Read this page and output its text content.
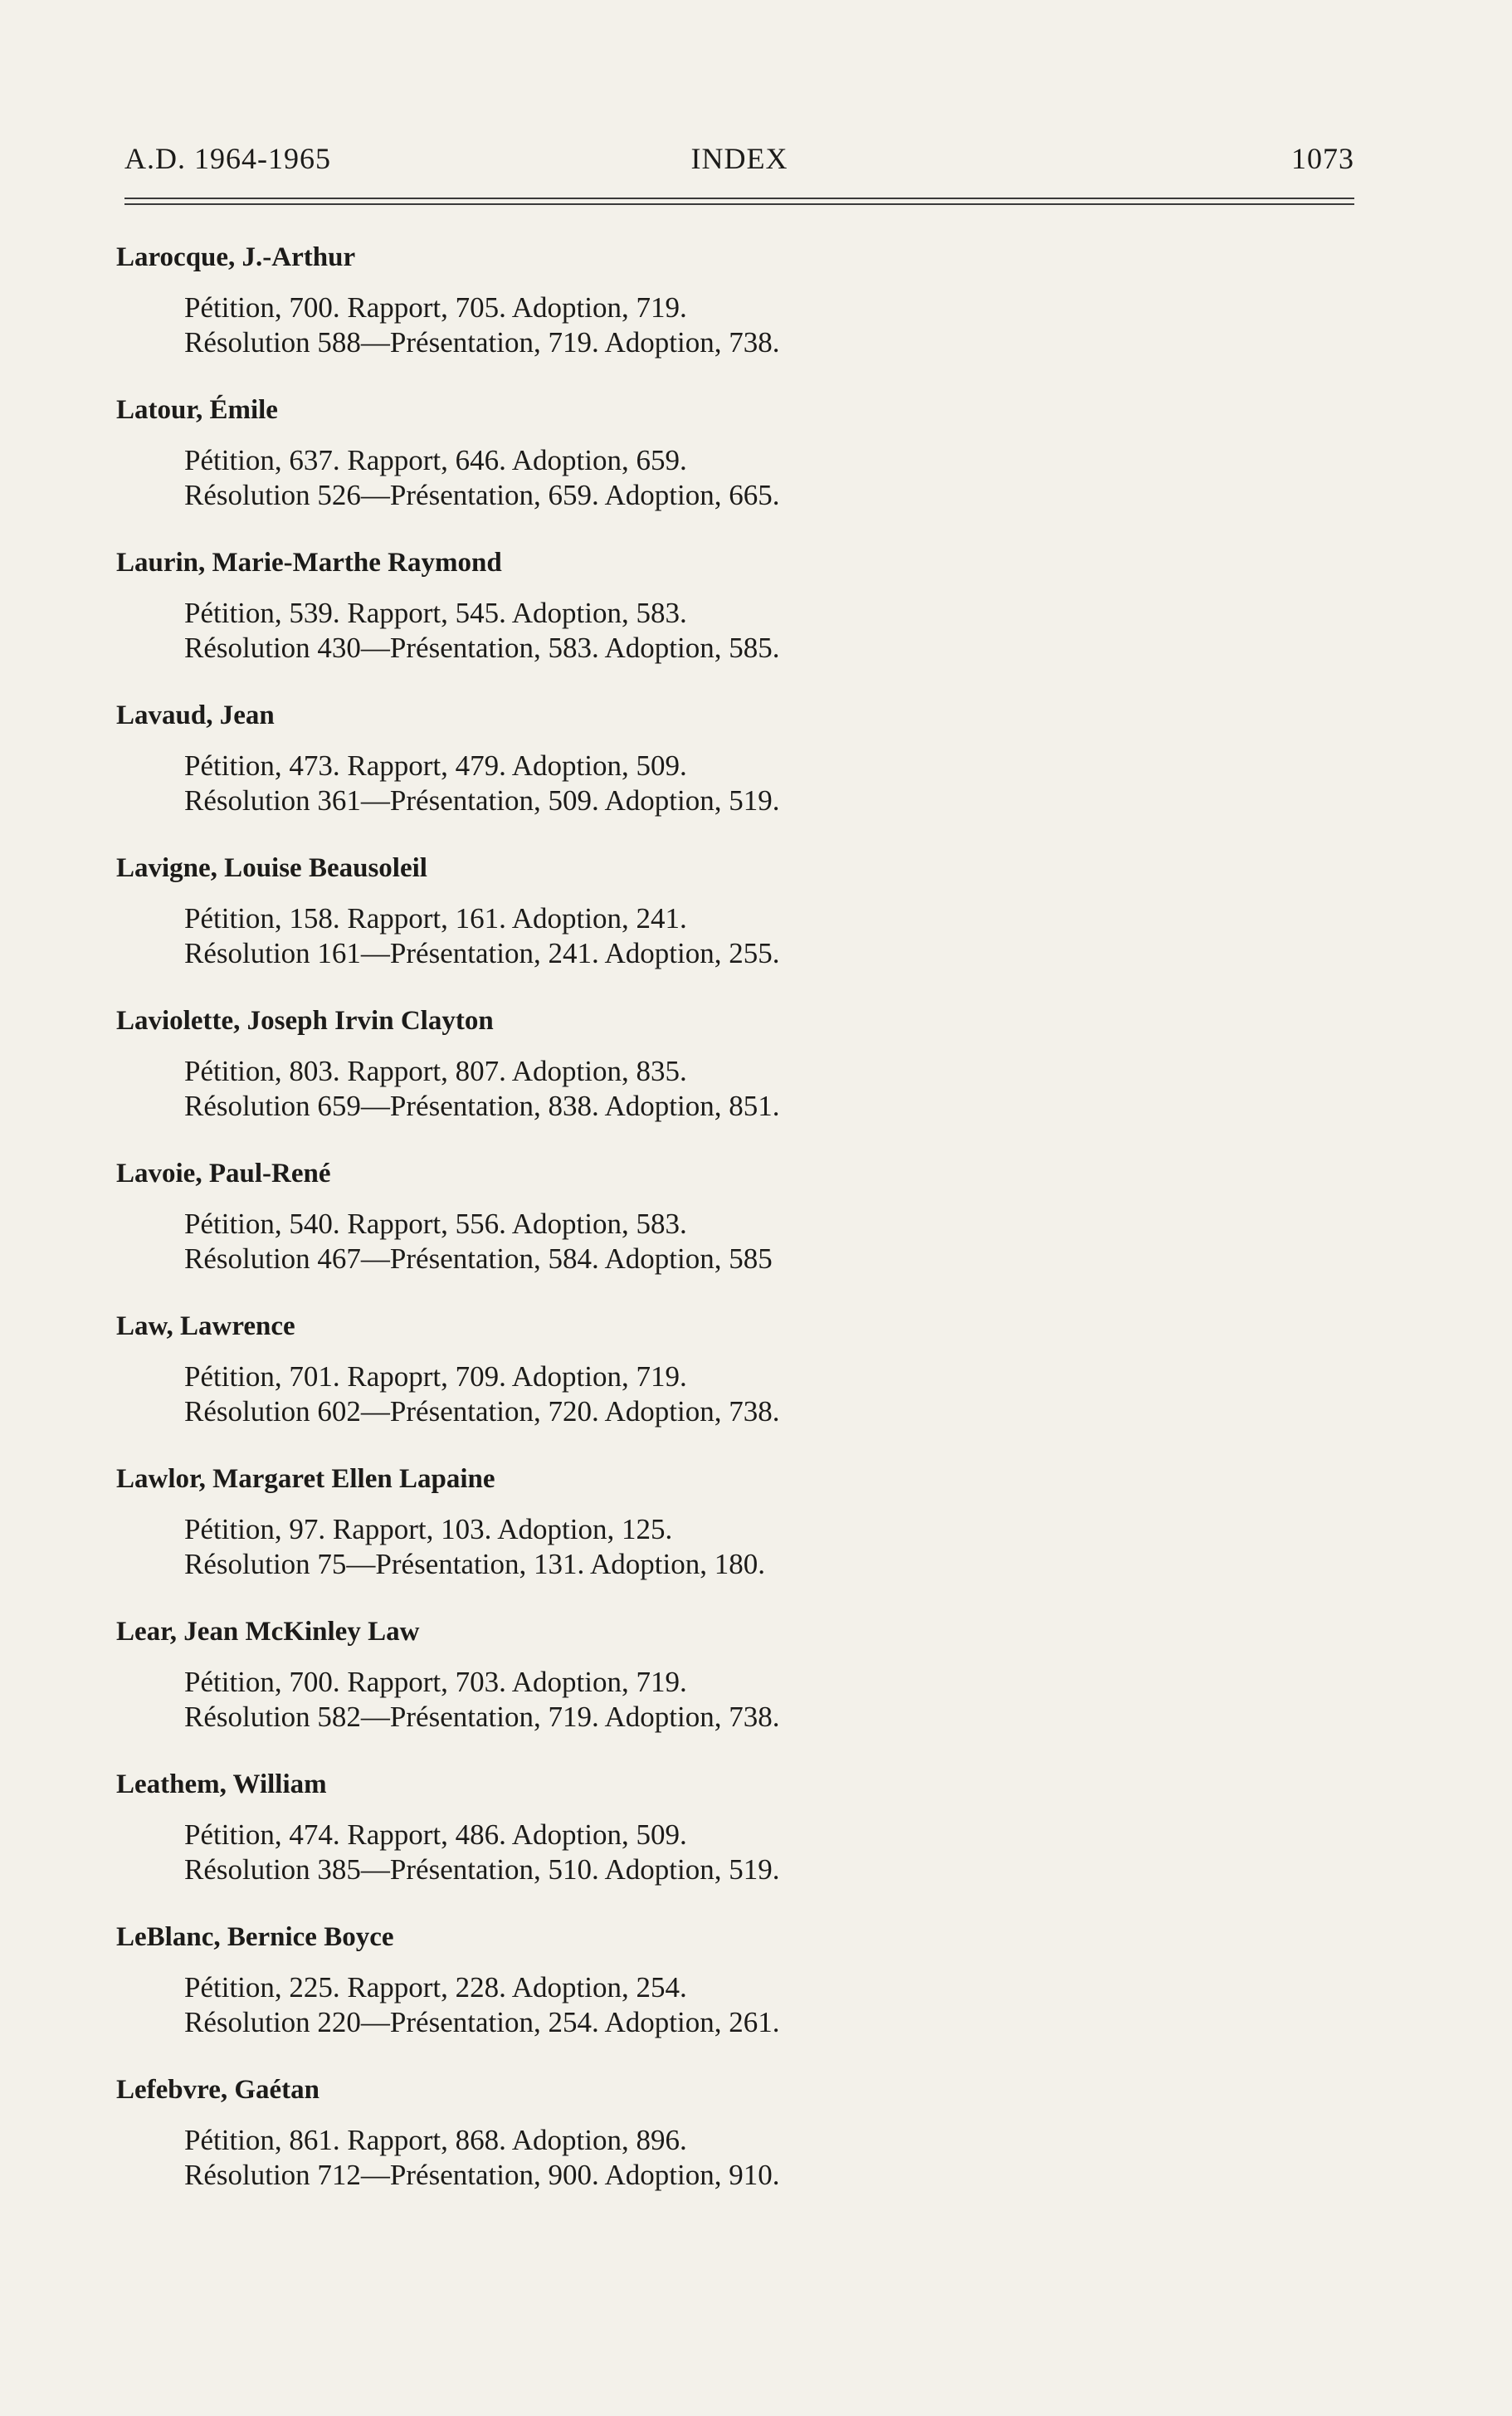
A.D. 1964-1965	INDEX	1073
Larocque, J.-Arthur
Pétition, 700. Rapport, 705. Adoption, 719.
Résolution 588—Présentation, 719. Adoption, 738.
Latour, Émile
Pétition, 637. Rapport, 646. Adoption, 659.
Résolution 526—Présentation, 659. Adoption, 665.
Laurin, Marie-Marthe Raymond
Pétition, 539. Rapport, 545. Adoption, 583.
Résolution 430—Présentation, 583. Adoption, 585.
Lavaud, Jean
Pétition, 473. Rapport, 479. Adoption, 509.
Résolution 361—Présentation, 509. Adoption, 519.
Lavigne, Louise Beausoleil
Pétition, 158. Rapport, 161. Adoption, 241.
Résolution 161—Présentation, 241. Adoption, 255.
Laviolette, Joseph Irvin Clayton
Pétition, 803. Rapport, 807. Adoption, 835.
Résolution 659—Présentation, 838. Adoption, 851.
Lavoie, Paul-René
Pétition, 540. Rapport, 556. Adoption, 583.
Résolution 467—Présentation, 584. Adoption, 585
Law, Lawrence
Pétition, 701. Rapoprt, 709. Adoption, 719.
Résolution 602—Présentation, 720. Adoption, 738.
Lawlor, Margaret Ellen Lapaine
Pétition, 97. Rapport, 103. Adoption, 125.
Résolution 75—Présentation, 131. Adoption, 180.
Lear, Jean McKinley Law
Pétition, 700. Rapport, 703. Adoption, 719.
Résolution 582—Présentation, 719. Adoption, 738.
Leathem, William
Pétition, 474. Rapport, 486. Adoption, 509.
Résolution 385—Présentation, 510. Adoption, 519.
LeBlanc, Bernice Boyce
Pétition, 225. Rapport, 228. Adoption, 254.
Résolution 220—Présentation, 254. Adoption, 261.
Lefebvre, Gaétan
Pétition, 861. Rapport, 868. Adoption, 896.
Résolution 712—Présentation, 900. Adoption, 910.
